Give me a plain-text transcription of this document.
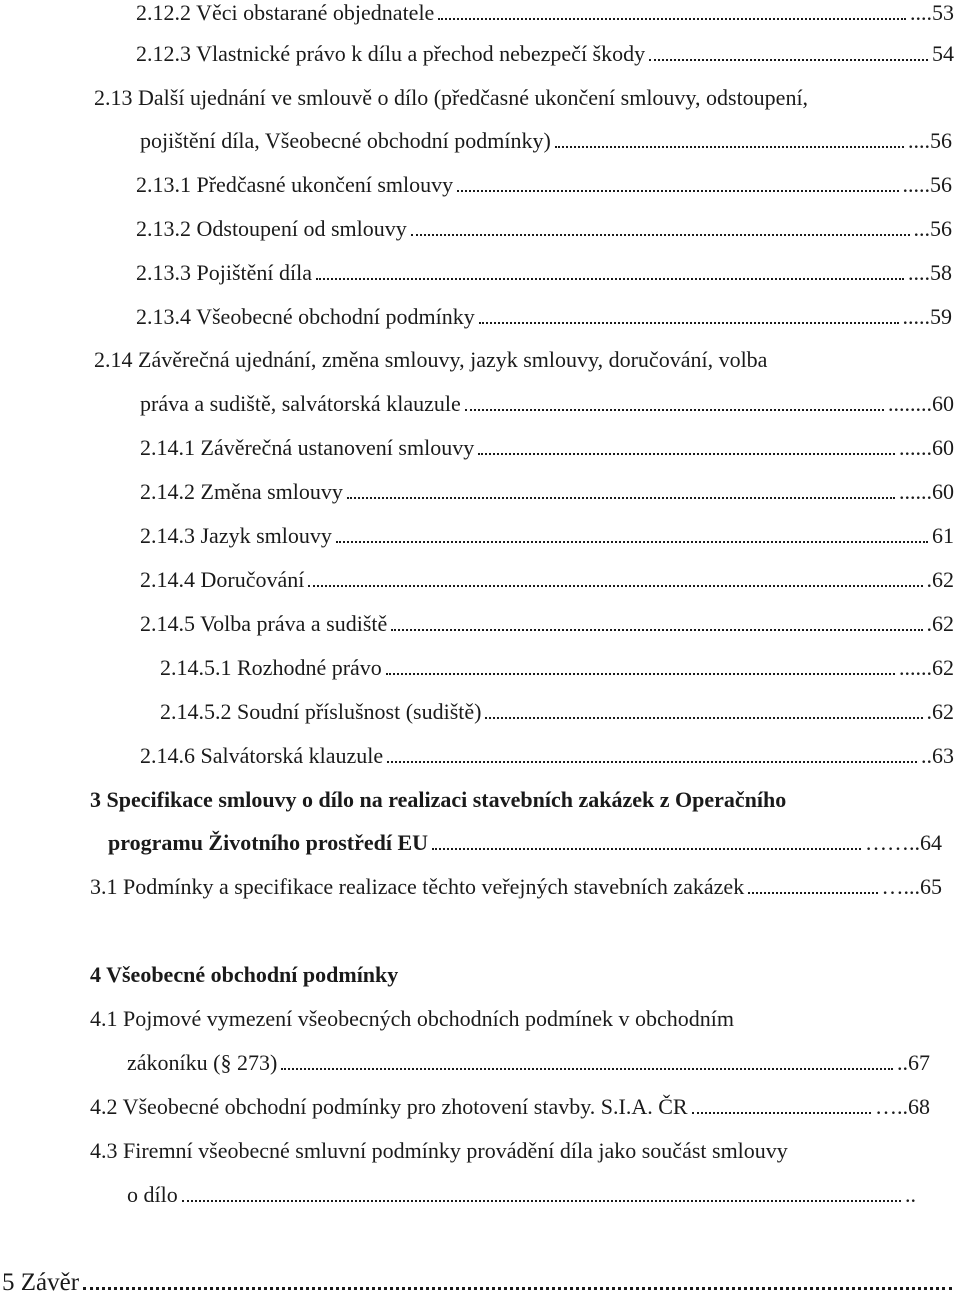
2.12.2 Věci obstarané objednatele	.... 53
2.12.3 Vlastnické právo k dílu a přechod nebezpečí škody	54
2.13 Další ujednání ve smlouvě o dílo (předčasné ukončení smlouvy, odstoupení,
pojištění díla, Všeobecné obchodní podmínky)	.... 56
2.13.1 Předčasné ukončení smlouvy	..... 56
2.13.2 Odstoupení od smlouvy	... 56
2.13.3 Pojištění díla	.... 58
2.13.4 Všeobecné obchodní podmínky	..... 59
2.14 Závěrečná ujednání, změna smlouvy, jazyk smlouvy, doručování, volba
práva a sudiště, salvátorská klauzule	........ 60
2.14.1 Závěrečná ustanovení smlouvy	...... 60
2.14.2 Změna smlouvy	...... 60
2.14.3 Jazyk smlouvy	61
2.14.4 Doručování	. 62
2.14.5 Volba práva a sudiště	. 62
2.14.5.1 Rozhodné právo	...... 62
2.14.5.2 Soudní příslušnost (sudiště)	. 62
2.14.6 Salvátorská klauzule	.. 63
3 Specifikace smlouvy o dílo na realizaci stavebních zakázek z Operačního
programu Životního prostředí EU	…….. 64
3.1 Podmínky a specifikace realizace těchto veřejných stavebních zakázek	…... 65
4 Všeobecné obchodní podmínky
4.1 Pojmové vymezení všeobecných obchodních podmínek v obchodním
zákoníku (§ 273)	.. 67
4.2 Všeobecné obchodní podmínky pro zhotovení stavby. S.I.A. ČR	….. 68
4.3 Firemní všeobecné smluvní podmínky provádění díla jako součást smlouvy
o dílo	..
5 Závěr
